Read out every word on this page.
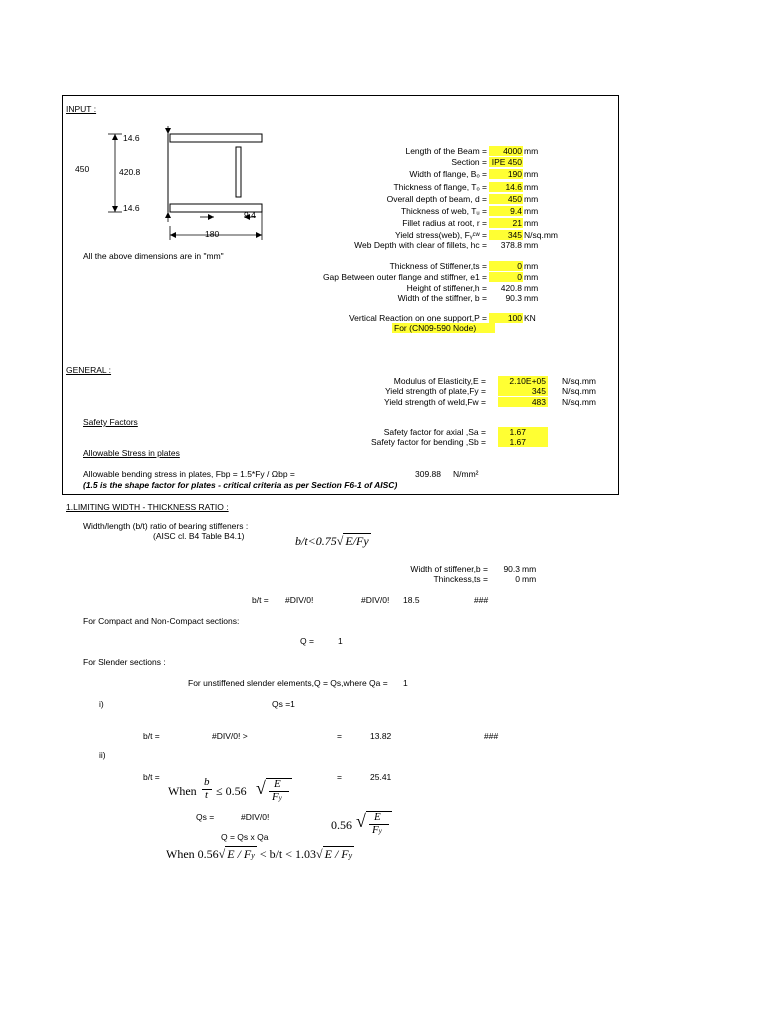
INPUT :
14.6
450	420.8
14.6
9.4
180
All the above dimensions are in "mm"
Length of the Beam =	4000 mm
Section = IPE 450
Width of flange, Bₒ =	190 mm
Thickness of flange, Tₒ =	14.6 mm
Overall depth of beam, d =	450 mm
Thickness of web, Tᵤ =	9.4 mm
Fillet radius at root, r =	21 mm
Yield stress(web), Fᵧᶜʷ =	345 N/sq.mm
Web Depth with clear of fillets, hc =	378.8 mm
Thickness of Stiffener,ts =	0 mm
Gap Between outer flange and stiffner, e1 =	0 mm
Height of stiffener,h =	420.8 mm
Width of the stiffner, b =	90.3 mm
Vertical Reaction on one support,P =	100 KN
For (CN09-590 Node)
GENERAL :
Modulus of Elasticity,E =	2.10E+05 N/sq.mm
Yield strength of plate,Fy =	345 N/sq.mm
Yield strength of weld,Fw =	483 N/sq.mm
Safety Factors
Safety factor for axial ,Sa =	1.67
Safety factor for bending ,Sb =	1.67
Allowable Stress in plates
Allowable bending stress in plates, Fbp = 1.5*Fy / Ωbp =	309.88 N/mm²
(1.5 is the shape factor for plates - critical criteria as per Section F6-1 of AISC)
1.LIMITING WIDTH - THICKNESS RATIO :
Width/length (b/t) ratio of bearing stiffeners :
(AISC cl. B4 Table B4.1)	b/t<0.75√ E/Fy
Width of stiffener,b =	90.3 mm
Thinckess,ts =	0 mm
b/t = #DIV/0!	#DIV/0! 18.5	###
For Compact and Non-Compact sections:
Q =	1
For Slender sections :
For unstiffened slender elements,Q = Qs,where Qa = 1
i)	Qs =1
b/t =	#DIV/0! >	=	13.82	###
ii)
b/t =	=	25.41
When
b
t ≤ 0.56 √ E
Fy
Qs =	#DIV/0!
0.56 √ E
Fy
Q = Qs x Qa
When 0.56√ E / Fy < b/t < 1.03√ E / Fy
